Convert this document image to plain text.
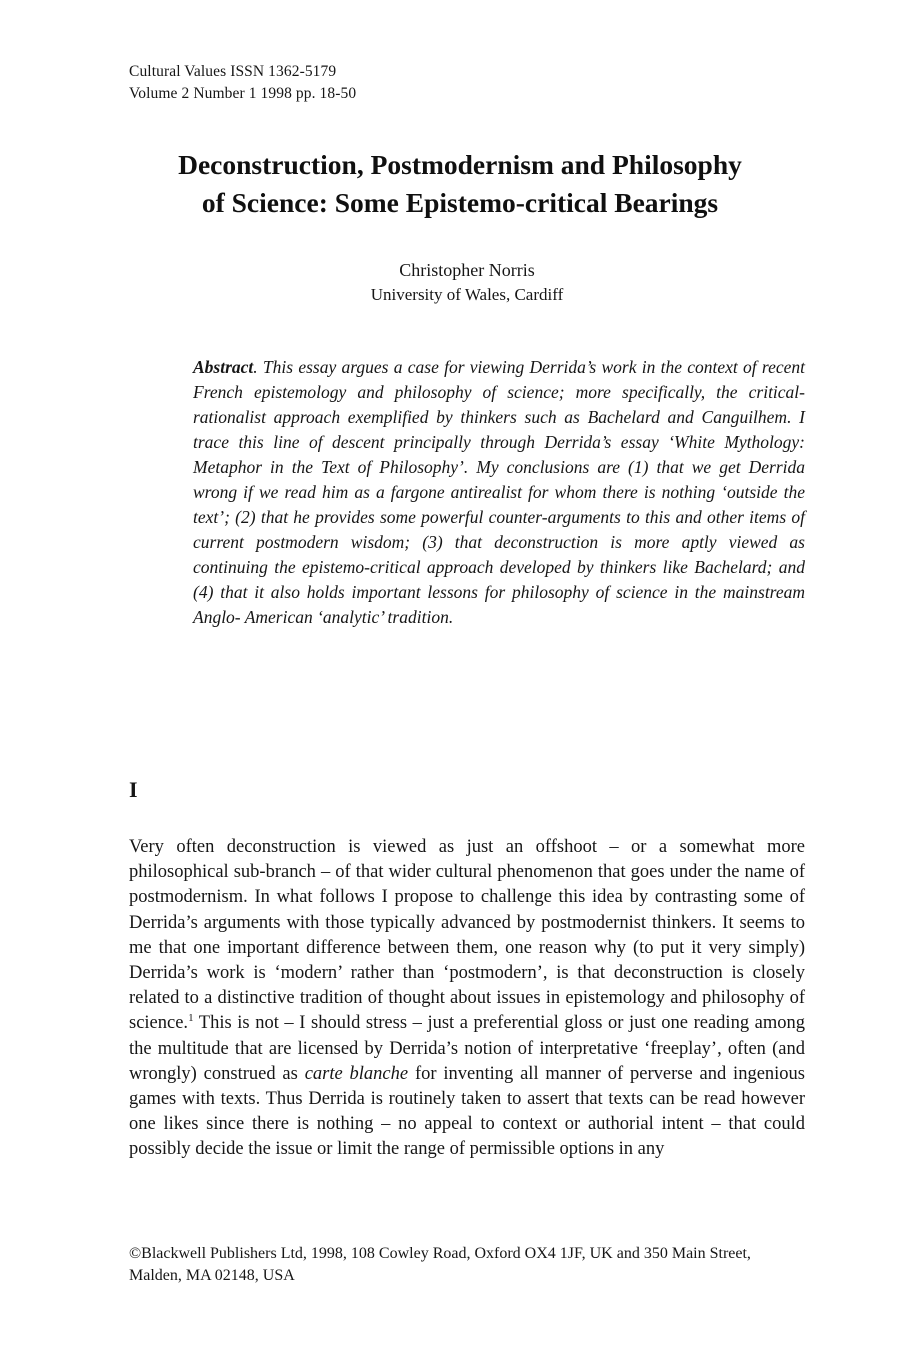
Cultural Values ISSN 1362-5179
Volume 2 Number 1 1998 pp. 18-50
Deconstruction, Postmodernism and Philosophy
of Science: Some Epistemo-critical Bearings
Christopher Norris
University of Wales, Cardiff
Abstract. This essay argues a case for viewing Derrida’s work in the context of recent French epistemology and philosophy of science; more specifically, the critical-rationalist approach exemplified by thinkers such as Bachelard and Canguilhem. I trace this line of descent principally through Derrida’s essay ‘White Mythology: Metaphor in the Text of Philosophy’. My conclusions are (1) that we get Derrida wrong if we read him as a fargone antirealist for whom there is nothing ‘outside the text’; (2) that he provides some powerful counter-arguments to this and other items of current postmodern wisdom; (3) that deconstruction is more aptly viewed as continuing the epistemo-critical approach developed by thinkers like Bachelard; and (4) that it also holds important lessons for philosophy of science in the mainstream Anglo- American ‘analytic’ tradition.
I

Very often deconstruction is viewed as just an offshoot – or a somewhat more philosophical sub-branch – of that wider cultural phenomenon that goes under the name of postmodernism. In what follows I propose to challenge this idea by contrasting some of Derrida’s arguments with those typically advanced by postmodernist thinkers. It seems to me that one important difference between them, one reason why (to put it very simply) Derrida’s work is ‘modern’ rather than ‘postmodern’, is that deconstruction is closely related to a distinctive tradition of thought about issues in epistemology and philosophy of science.$^1$ This is not – I should stress – just a preferential gloss or just one reading among the multitude that are licensed by Derrida’s notion of interpretative ‘freeplay’, often (and wrongly) construed as carte blanche for inventing all manner of perverse and ingenious games with texts. Thus Derrida is routinely taken to assert that texts can be read however one likes since there is nothing – no appeal to context or authorial intent – that could possibly decide the issue or limit the range of permissible options in any

©Blackwell Publishers Ltd, 1998, 108 Cowley Road, Oxford OX4 1JF, UK and 350 Main Street, Malden, MA 02148, USA
